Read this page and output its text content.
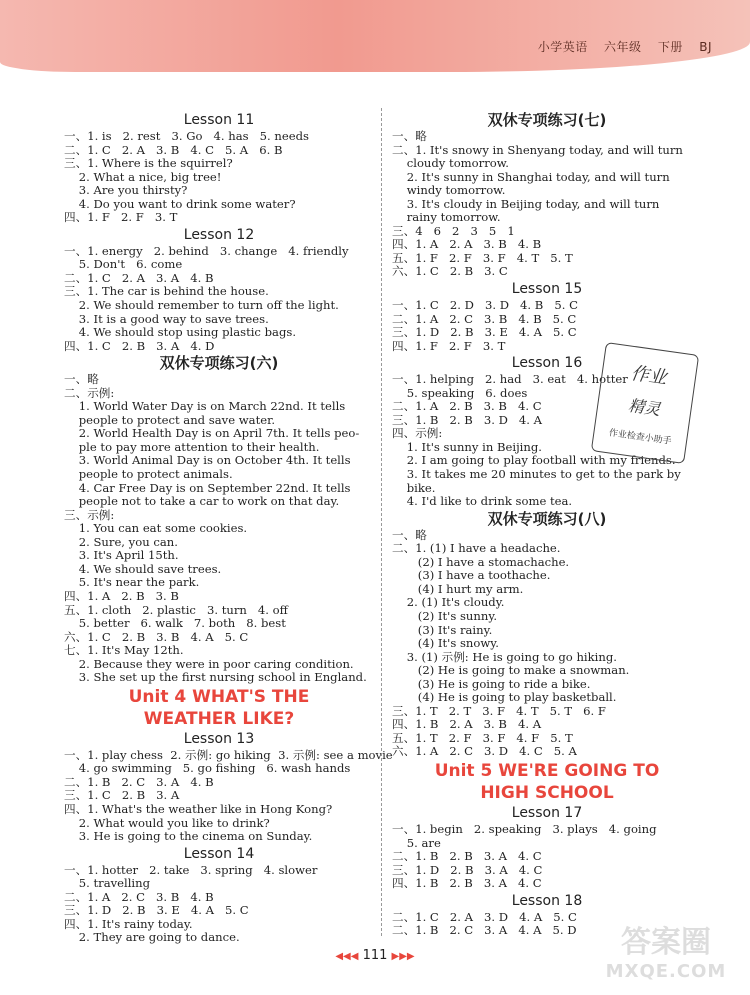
小学英语 六年级 下册 BJ
Lesson 11
一、1. is   2. rest   3. Go   4. has   5. needs
二、1. C   2. A   3. B   4. C   5. A   6. B
三、1. Where is the squirrel?
2. What a nice, big tree!
3. Are you thirsty?
4. Do you want to drink some water?
四、1. F   2. F   3. T
Lesson 12
一、1. energy   2. behind   3. change   4. friendly
5. Don't   6. come
二、1. C   2. A   3. A   4. B
三、1. The car is behind the house.
2. We should remember to turn off the light.
3. It is a good way to save trees.
4. We should stop using plastic bags.
四、1. C   2. B   3. A   4. D
双休专项练习(六)
一、略
二、示例:
1. World Water Day is on March 22nd. It tells
people to protect and save water.
2. World Health Day is on April 7th. It tells peo-
ple to pay more attention to their health.
3. World Animal Day is on October 4th. It tells
people to protect animals.
4. Car Free Day is on September 22nd. It tells
people not to take a car to work on that day.
三、示例:
1. You can eat some cookies.
2. Sure, you can.
3. It's April 15th.
4. We should save trees.
5. It's near the park.
四、1. A   2. B   3. B
五、1. cloth   2. plastic   3. turn   4. off
5. better   6. walk   7. both   8. best
六、1. C   2. B   3. B   4. A   5. C
七、1. It's May 12th.
2. Because they were in poor caring condition.
3. She set up the first nursing school in England.
Unit 4 WHAT'S THE
WEATHER LIKE?
Lesson 13
一、1. play chess  2. 示例: go hiking  3. 示例: see a movie
4. go swimming   5. go fishing   6. wash hands
二、1. B   2. C   3. A   4. B
三、1. C   2. B   3. A
四、1. What's the weather like in Hong Kong?
2. What would you like to drink?
3. He is going to the cinema on Sunday.
Lesson 14
一、1. hotter   2. take   3. spring   4. slower
5. travelling
二、1. A   2. C   3. B   4. B
三、1. D   2. B   3. E   4. A   5. C
四、1. It's rainy today.
2. They are going to dance.
双休专项练习(七)
一、略
二、1. It's snowy in Shenyang today, and will turn
cloudy tomorrow.
2. It's sunny in Shanghai today, and will turn
windy tomorrow.
3. It's cloudy in Beijing today, and will turn
rainy tomorrow.
三、4   6   2   3   5   1
四、1. A   2. A   3. B   4. B
五、1. F   2. F   3. F   4. T   5. T
六、1. C   2. B   3. C
Lesson 15
一、1. C   2. D   3. D   4. B   5. C
二、1. A   2. C   3. B   4. B   5. C
三、1. D   2. B   3. E   4. A   5. C
四、1. F   2. F   3. T
Lesson 16
一、1. helping   2. had   3. eat   4. hotter
5. speaking   6. does
二、1. A   2. B   3. B   4. C
三、1. B   2. B   3. D   4. A
四、示例:
1. It's sunny in Beijing.
2. I am going to play football with my friends.
3. It takes me 20 minutes to get to the park by
bike.
4. I'd like to drink some tea.
双休专项练习(八)
一、略
二、1. (1) I have a headache.
(2) I have a stomachache.
(3) I have a toothache.
(4) I hurt my arm.
2. (1) It's cloudy.
(2) It's sunny.
(3) It's rainy.
(4) It's snowy.
3. (1) 示例: He is going to go hiking.
(2) He is going to make a snowman.
(3) He is going to ride a bike.
(4) He is going to play basketball.
三、1. T   2. T   3. F   4. T   5. T   6. F
四、1. B   2. A   3. B   4. A
五、1. T   2. F   3. F   4. F   5. T
六、1. A   2. C   3. D   4. C   5. A
Unit 5 WE'RE GOING TO
HIGH SCHOOL
Lesson 17
一、1. begin   2. speaking   3. plays   4. going
5. are
二、1. B   2. B   3. A   4. C
三、1. D   2. B   3. A   4. C
四、1. B   2. B   3. A   4. C
Lesson 18
二、1. C   2. A   3. D   4. A   5. C
二、1. B   2. C   3. A   4. A   5. D
作业
精灵
作业检查小助手
◀◀◀ 111 ▶▶▶	答案圈
MXQE.COM
